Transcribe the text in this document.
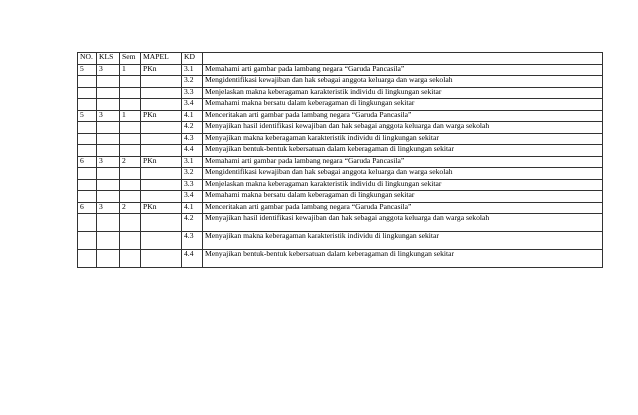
NO.	KLS	Sem	MAPEL	KD	
5	3	1	PKn	3.1	Memahami arti gambar pada lambang negara “Garuda Pancasila”
				3.2	Mengidentifikasi kewajiban dan hak sebagai anggota keluarga dan warga sekolah
				3.3	Menjelaskan makna keberagaman karakteristik individu di lingkungan sekitar
				3.4	Memahami makna bersatu dalam keberagaman di lingkungan sekitar
5	3	1	PKn	4.1	Menceritakan arti gambar pada lambang negara “Garuda Pancasila”
				4.2	Menyajikan hasil identifikasi kewajiban dan hak sebagai anggota keluarga dan warga sekolah
				4.3	Menyajikan makna keberagaman karakteristik individu di lingkungan sekitar
				4.4	Menyajikan bentuk-bentuk kebersatuan dalam keberagaman di lingkungan sekitar
6	3	2	PKn	3.1	Memahami arti gambar pada lambang negara “Garuda Pancasila”
				3.2	Mengidentifikasi kewajiban dan hak sebagai anggota keluarga dan warga sekolah
				3.3	Menjelaskan makna keberagaman karakteristik individu di lingkungan sekitar
				3.4	Memahami makna bersatu dalam keberagaman di lingkungan sekitar
6	3	2	PKn	4.1	Menceritakan arti gambar pada lambang negara “Garuda Pancasila”
				4.2	Menyajikan hasil identifikasi kewajiban dan hak sebagai anggota keluarga dan warga sekolah
				4.3	Menyajikan makna keberagaman karakteristik individu di lingkungan sekitar
				4.4	Menyajikan bentuk-bentuk kebersatuan dalam keberagaman di lingkungan sekitar
